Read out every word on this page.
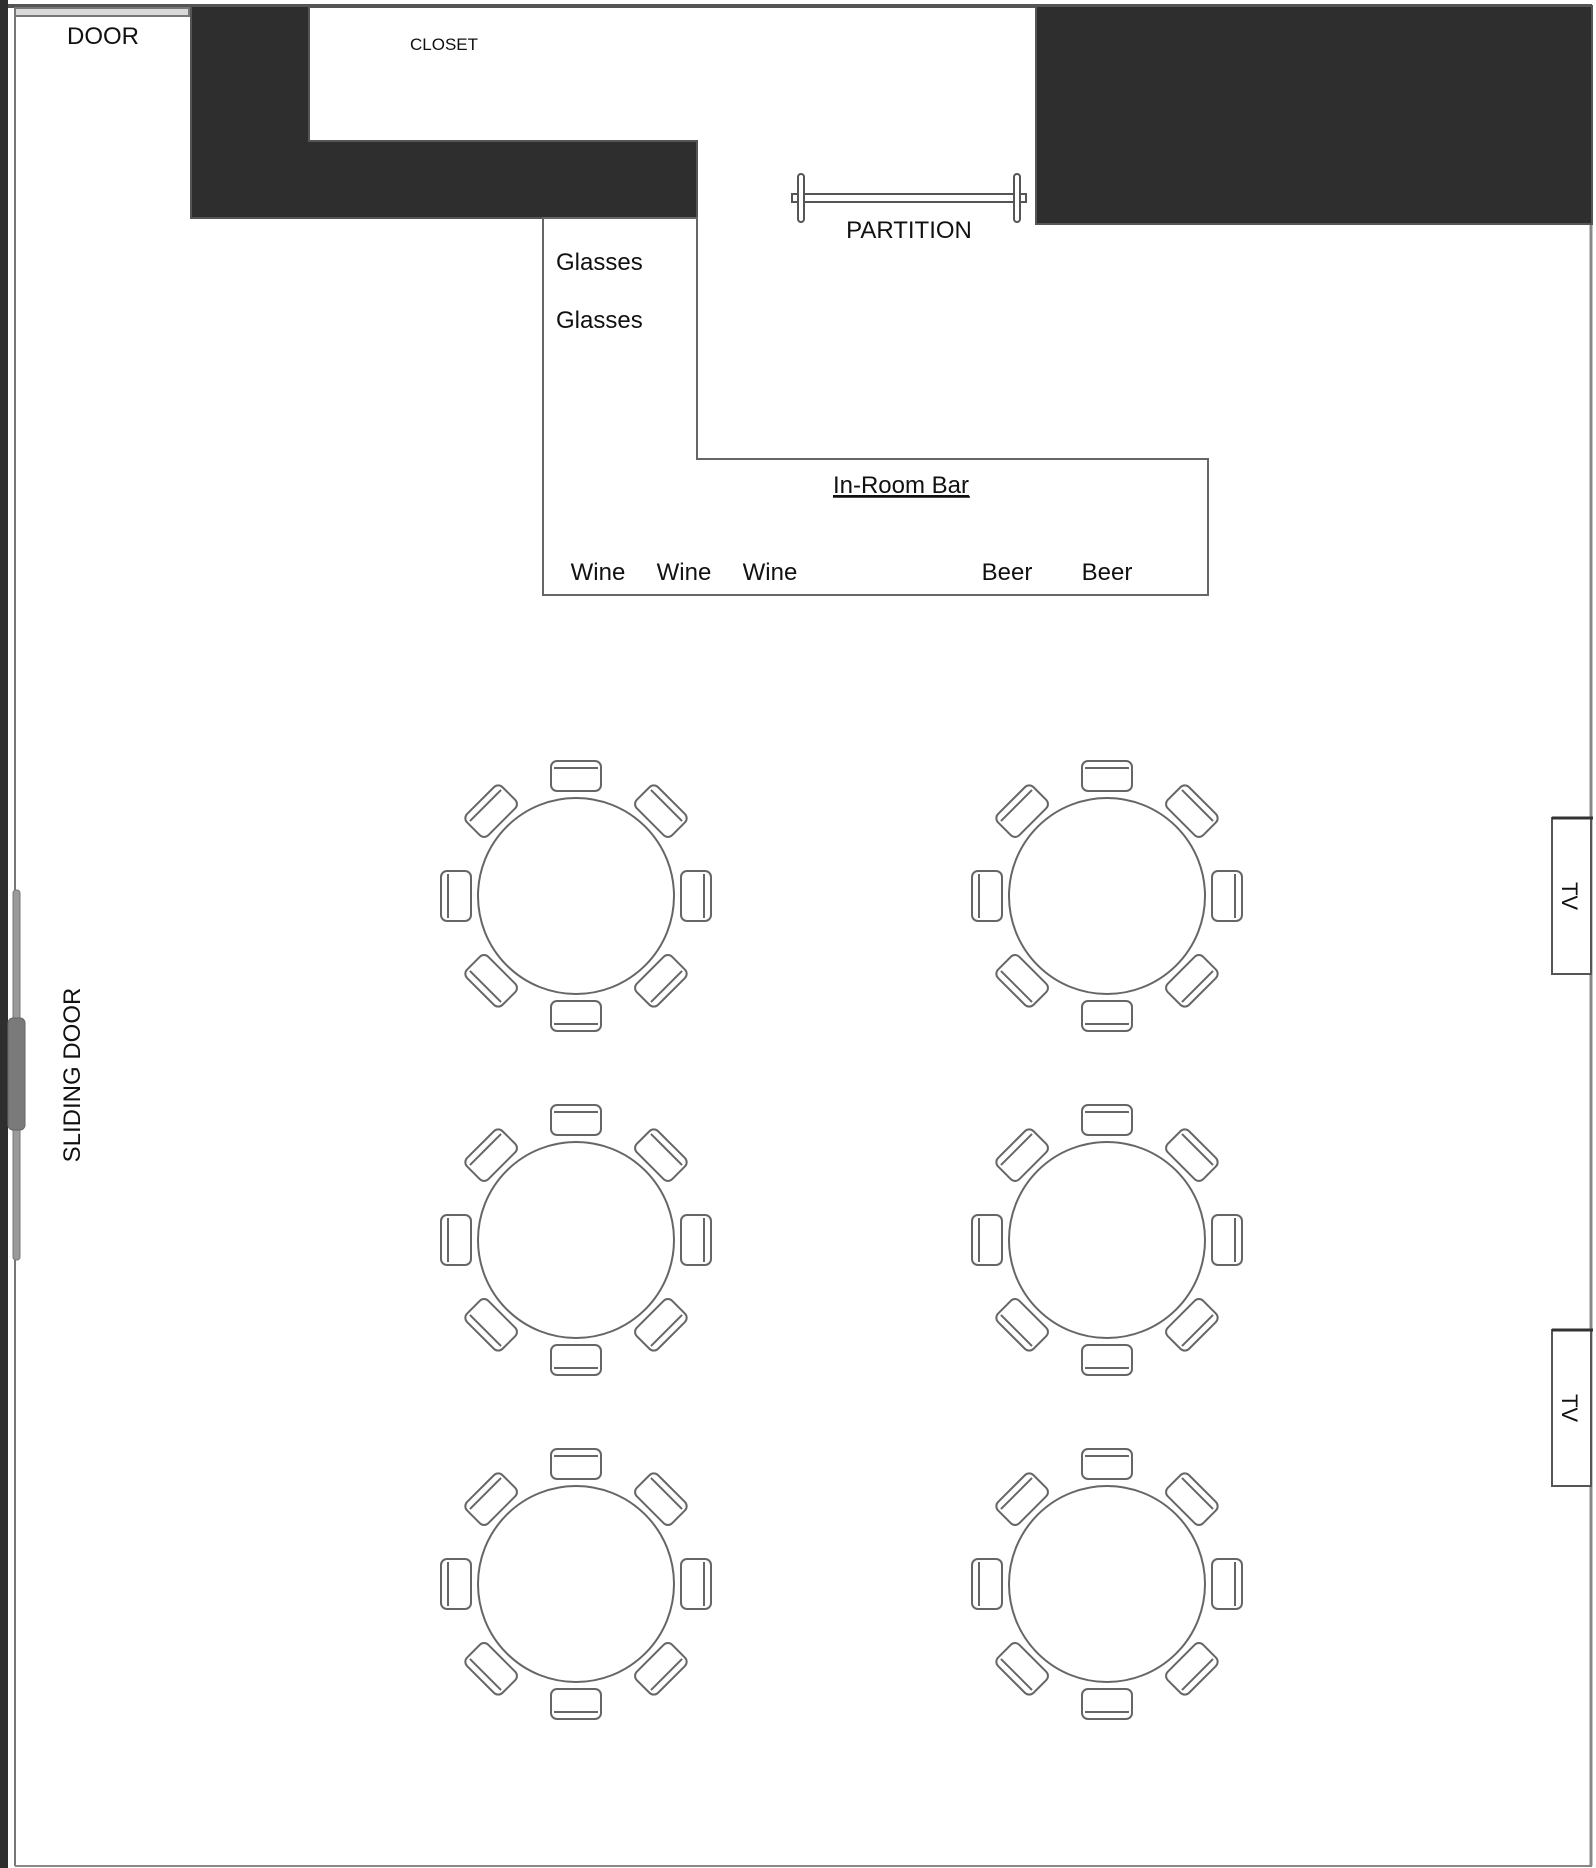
DOOR	CLOSET
PARTITION
Glasses
Glasses
In-Room Bar
Wine Wine Wine	Beer Beer
SLIDING DOOR
TV
TV
